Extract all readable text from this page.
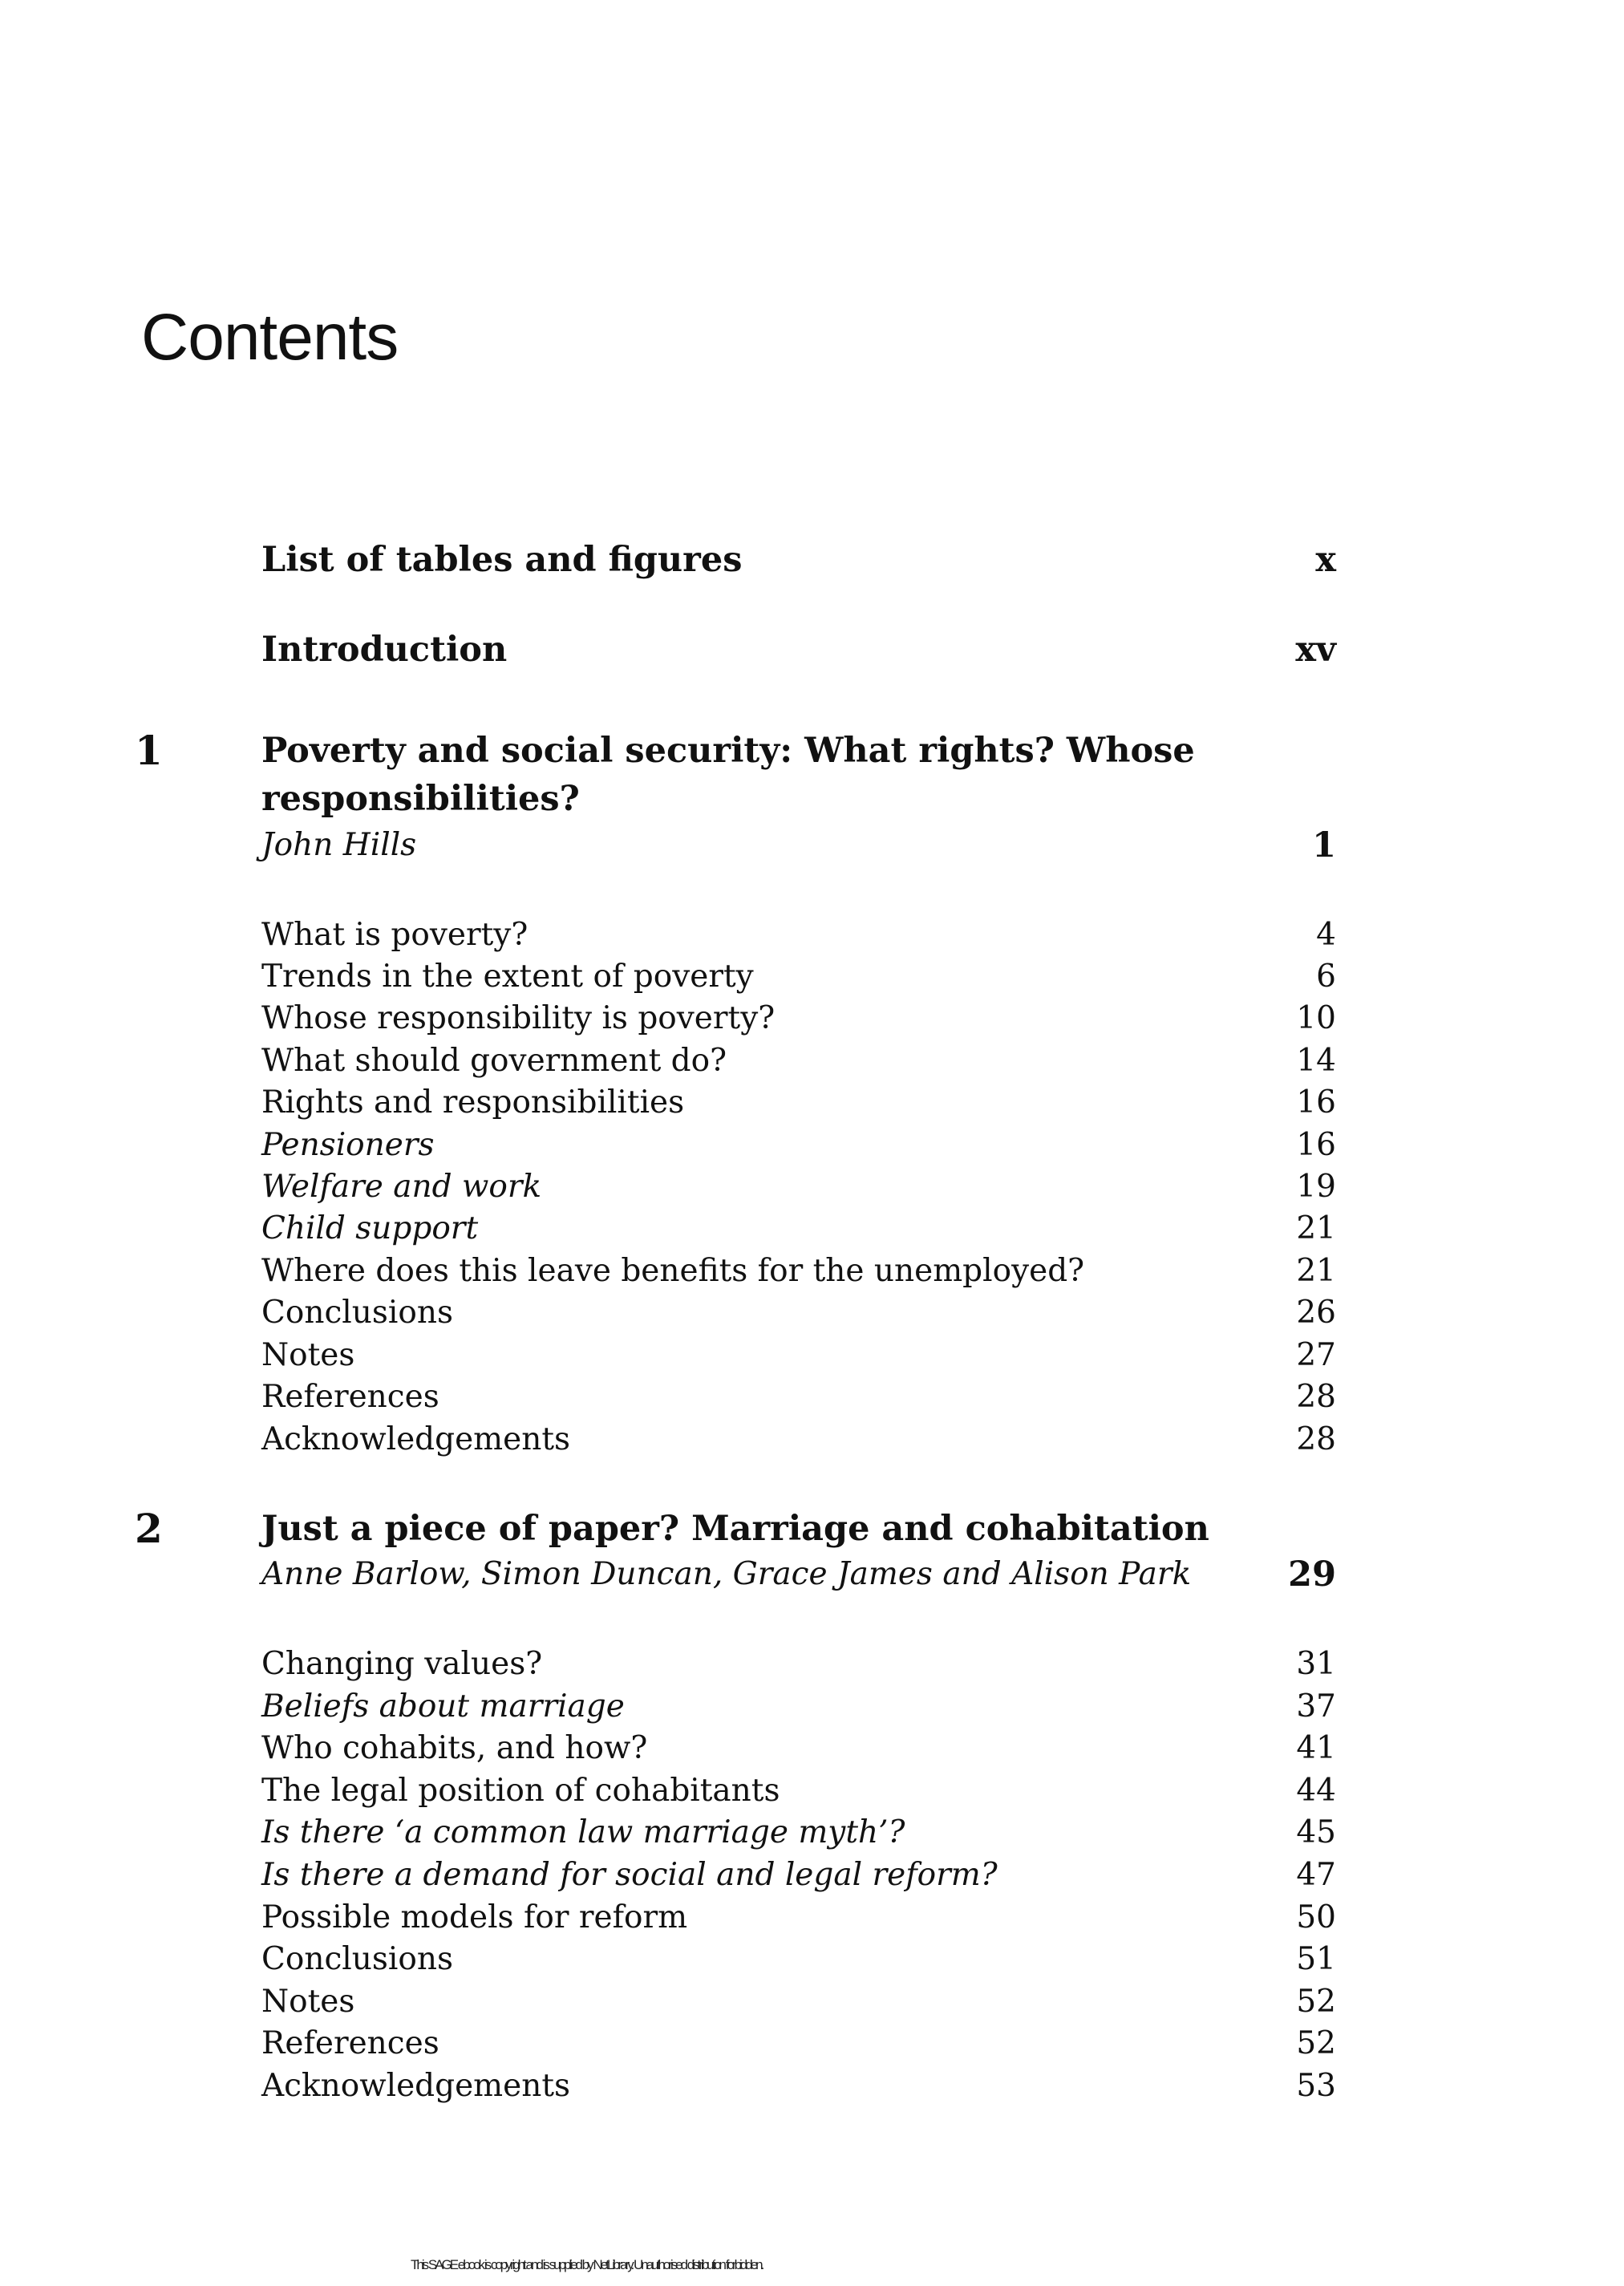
Contents
List of tables and figures	x
Introduction	xv
1	Poverty and social security: What rights? Whose
responsibilities?
John Hills	1
What is poverty?	4
Trends in the extent of poverty	6
Whose responsibility is poverty?	10
What should government do?	14
Rights and responsibilities	16
Pensioners	16
Welfare and work	19
Child support	21
Where does this leave benefits for the unemployed?	21
Conclusions	26
Notes	27
References	28
Acknowledgements	28
2	Just a piece of paper? Marriage and cohabitation
Anne Barlow, Simon Duncan, Grace James and Alison Park	29
Changing values?	31
Beliefs about marriage	37
Who cohabits, and how?	41
The legal position of cohabitants	44
Is there ‘a common law marriage myth’?	45
Is there a demand for social and legal reform?	47
Possible models for reform	50
Conclusions	51
Notes	52
References	52
Acknowledgements	53
This SAGE ebook is copyright and is supplied by NetLibrary. Unauthorised distribution forbidden.
